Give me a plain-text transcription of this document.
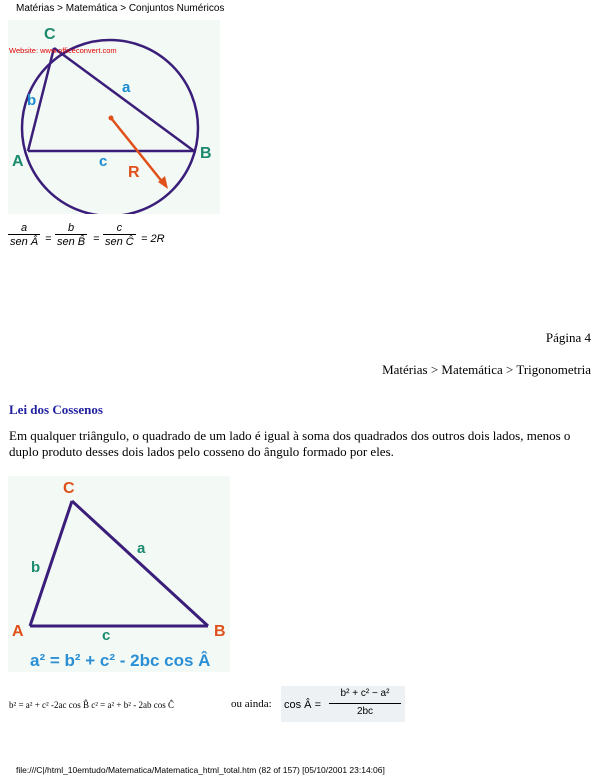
Matérias > Matemática > Conjuntos Numéricos
C
A	B
a
b
c
R
Website: www.officeconvert.com
a
sen Â =
b
sen B̂ =
c
sen Ĉ = 2R
Página 4
Matérias > Matemática > Trigonometria
Lei dos Cossenos
Em qualquer triângulo, o quadrado de um lado é igual à soma dos quadrados dos outros dois lados, menos o duplo produto desses dois lados pelo cosseno do ângulo formado por eles.
C
A	B
a
b
c
a² = b² + c² - 2bc cos Â
b² = a² + c² -2ac cos B̂ c² = a² + b² - 2ab cos Ĉ	ou ainda: cos Â =
b² + c² − a²
2bc
file:///C|/html_10emtudo/Matematica/Matematica_html_total.htm (82 of 157) [05/10/2001 23:14:06]
